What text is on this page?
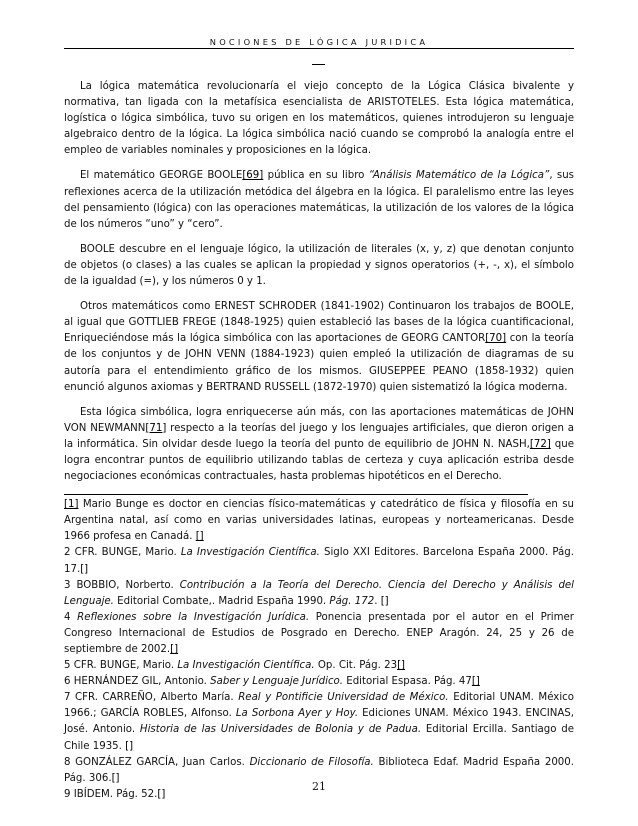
NOCIONES DE LÓGICA JURIDICA

La lógica matemática revolucionaría el viejo concepto de la Lógica Clásica bivalente y normativa, tan ligada con la metafísica esencialista de ARISTOTELES. Esta lógica matemática, logística o lógica simbólica, tuvo su origen en los matemáticos, quienes introdujeron su lenguaje algebraico dentro de la lógica. La lógica simbólica nació cuando se comprobó la analogía entre el empleo de variables nominales y proposiciones en la lógica.

El matemático GEORGE BOOLE[69] pública en su libro “Análisis Matemático de la Lógica”, sus reflexiones acerca de la utilización metódica del álgebra en la lógica. El paralelismo entre las leyes del pensamiento (lógica) con las operaciones matemáticas, la utilización de los valores de la lógica de los números “uno” y “cero”.

BOOLE descubre en el lenguaje lógico, la utilización de literales (x, y, z) que denotan conjunto de objetos (o clases) a las cuales se aplican la propiedad y signos operatorios (+, -, x), el símbolo de la igualdad (=), y los números 0 y 1.

Otros matemáticos como ERNEST SCHRODER (1841-1902) Continuaron los trabajos de BOOLE, al igual que GOTTLIEB FREGE (1848-1925) quien estableció las bases de la lógica cuantificacional, Enriqueciéndose más la lógica simbólica con las aportaciones de GEORG CANTOR[70] con la teoría de los conjuntos y de JOHN VENN (1884-1923) quien empleó la utilización de diagramas de su autoría para el entendimiento gráfico de los mismos. GIUSEPPEE PEANO (1858-1932) quien enunció algunos axiomas y BERTRAND RUSSELL (1872-1970) quien sistematizó la lógica moderna.

Esta lógica simbólica, logra enriquecerse aún más, con las aportaciones matemáticas de JOHN VON NEWMANN[71] respecto a la teorías del juego y los lenguajes artificiales, que dieron origen a la informática. Sin olvidar desde luego la teoría del punto de equilibrio de JOHN N. NASH,[72] que logra encontrar puntos de equilibrio utilizando tablas de certeza y cuya aplicación estriba desde negociaciones económicas contractuales, hasta problemas hipotéticos en el Derecho.

[1] Mario Bunge es doctor en ciencias físico-matemáticas y catedrático de física y filosofía en su Argentina natal, así como en varias universidades latinas, europeas y norteamericanas. Desde 1966 profesa en Canadá. []
2 CFR. BUNGE, Mario. La Investigación Científica. Siglo XXI Editores. Barcelona España 2000. Pág. 17.[]
3 BOBBIO, Norberto. Contribución a la Teoría del Derecho. Ciencia del Derecho y Análisis del Lenguaje. Editorial Combate,. Madrid España 1990. Pág. 172. []
4 Reflexiones sobre la Investigación Jurídica. Ponencia presentada por el autor en el Primer Congreso Internacional de Estudios de Posgrado en Derecho. ENEP Aragón. 24, 25 y 26 de septiembre de 2002.[]
5 CFR. BUNGE, Mario. La Investigación Científica. Op. Cit. Pág. 23[]
6 HERNÁNDEZ GIL, Antonio. Saber y Lenguaje Jurídico. Editorial Espasa. Pág. 47[]
7 CFR. CARREÑO, Alberto María. Real y Pontificie Universidad de México. Editorial UNAM. México 1966.; GARCÍA ROBLES, Alfonso. La Sorbona Ayer y Hoy. Ediciones UNAM. México 1943. ENCINAS, José. Antonio. Historia de las Universidades de Bolonia y de Padua. Editorial Ercilla. Santiago de Chile 1935. []
8 GONZÁLEZ GARCÍA, Juan Carlos. Diccionario de Filosofía. Biblioteca Edaf. Madrid España 2000. Pág. 306.[]
9 IBÍDEM. Pág. 52.[]
21
